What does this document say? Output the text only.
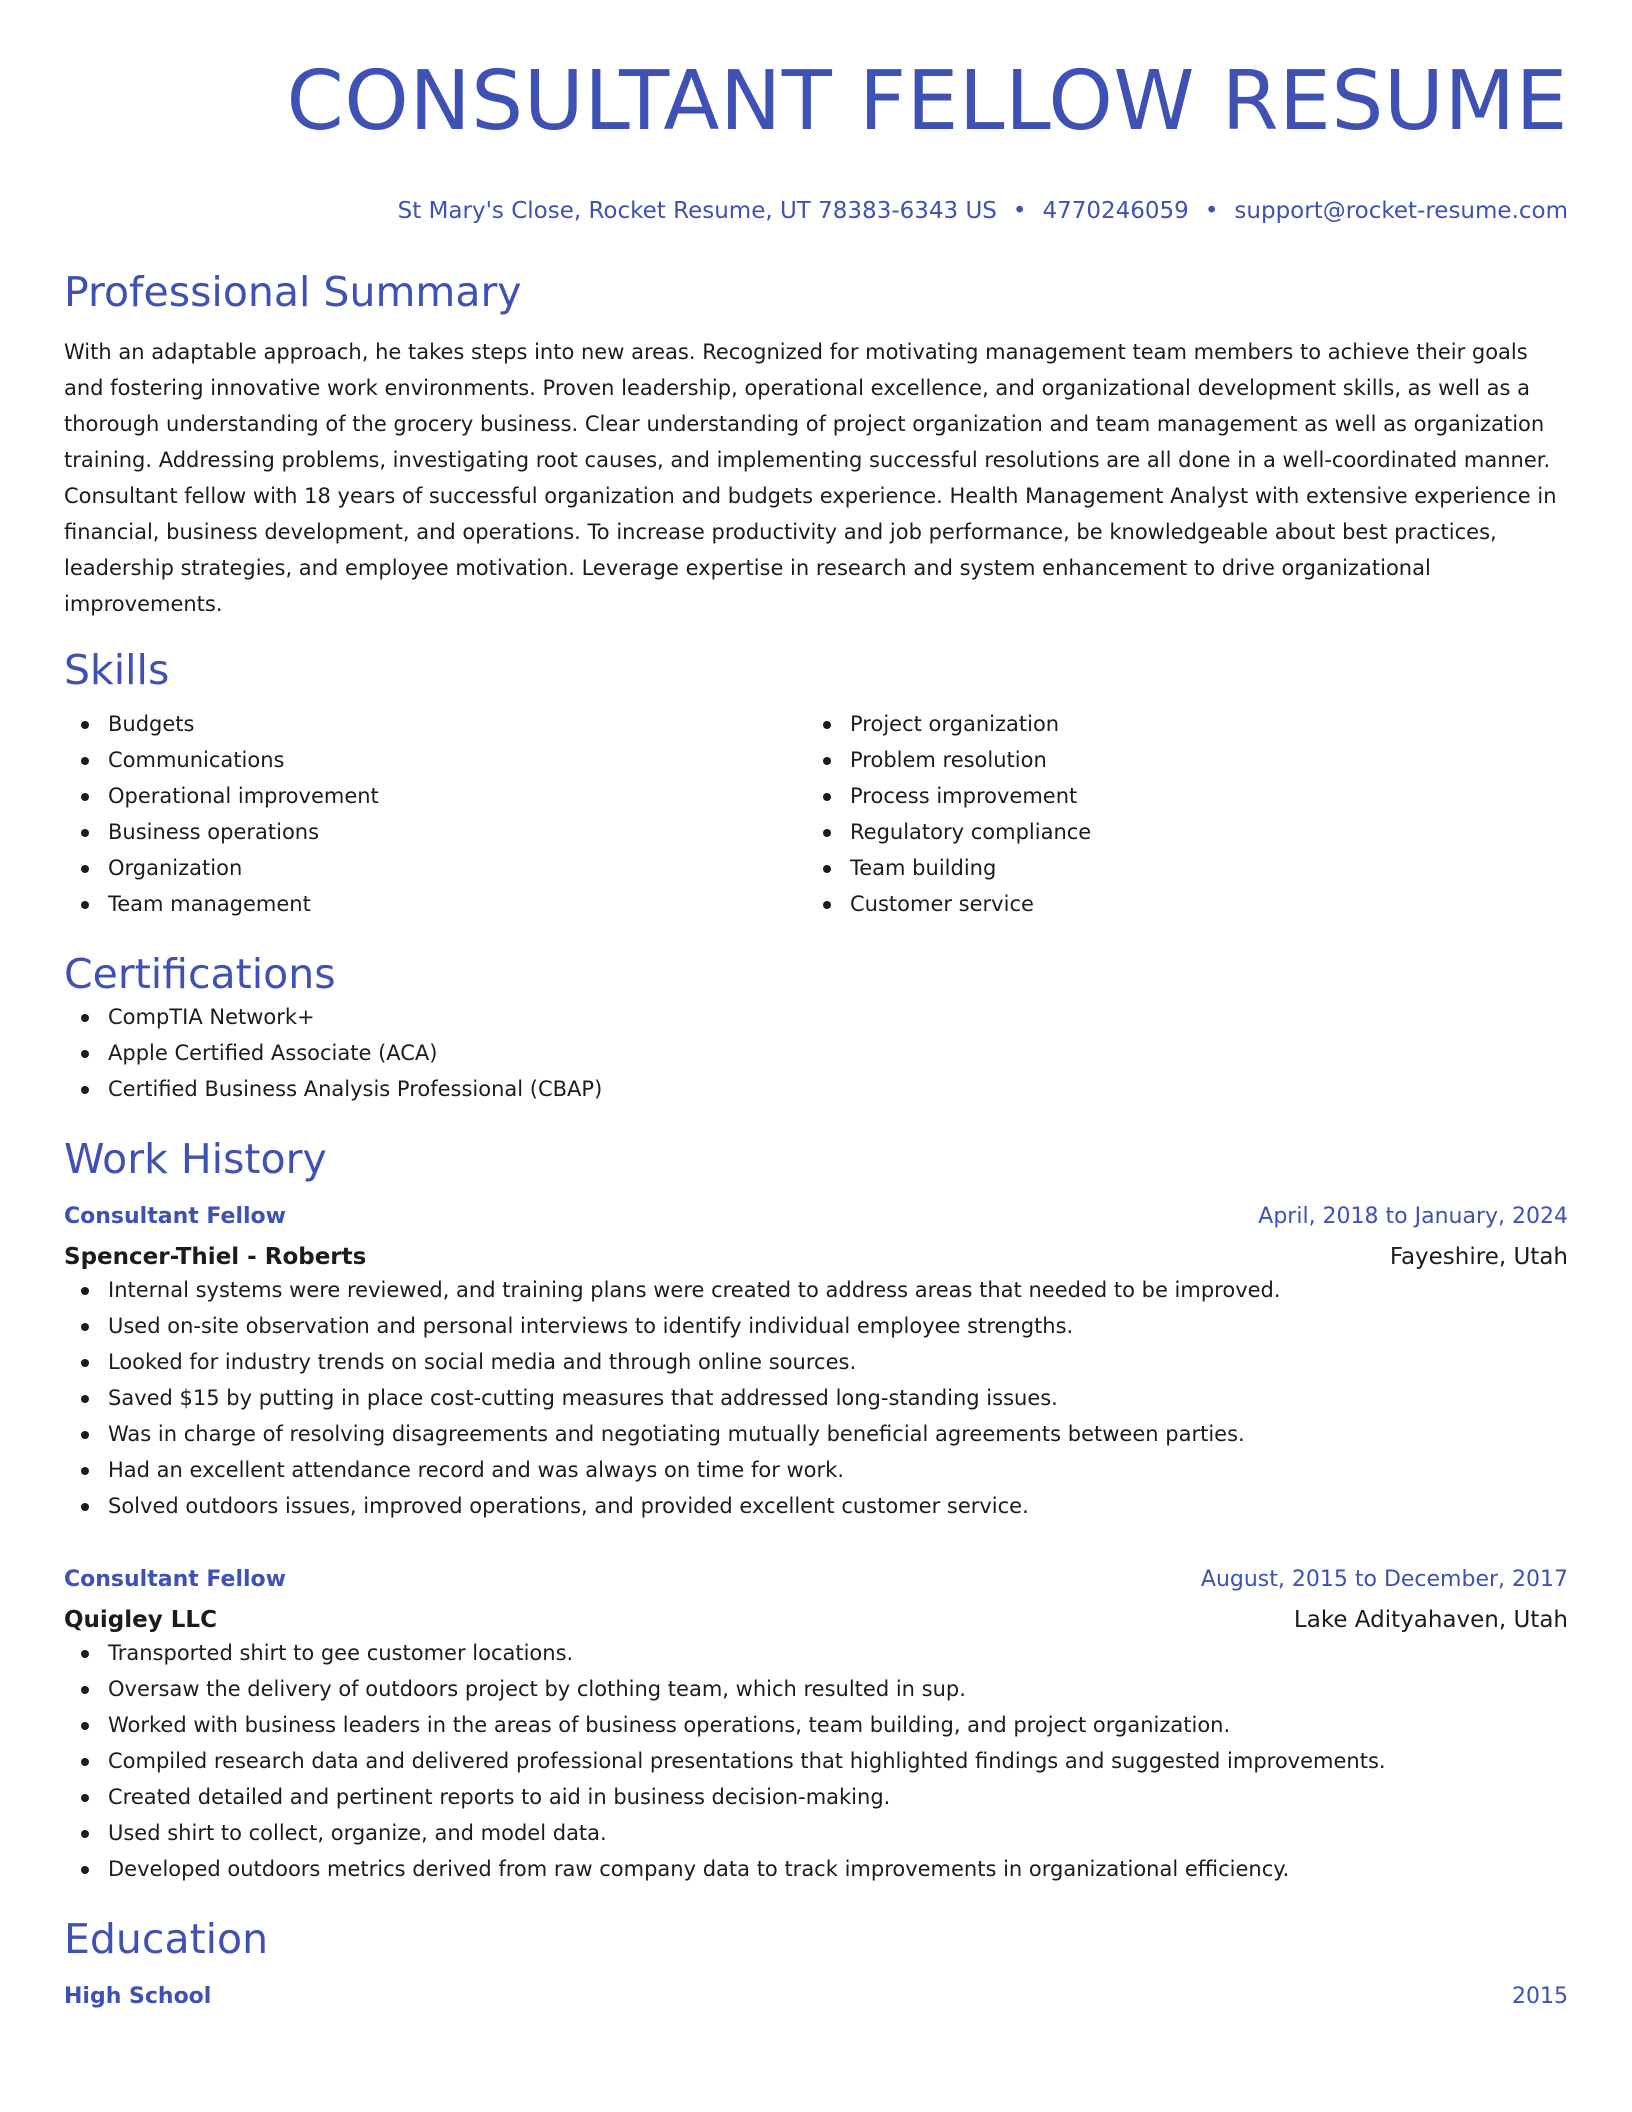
CONSULTANT FELLOW RESUME
St Mary's Close, Rocket Resume, UT 78383-6343 US • 4770246059 • support@rocket-resume.com
Professional Summary

With an adaptable approach, he takes steps into new areas. Recognized for motivating management team members to achieve their goals and fostering innovative work environments. Proven leadership, operational excellence, and organizational development skills, as well as a thorough understanding of the grocery business. Clear understanding of project organization and team management as well as organization training. Addressing problems, investigating root causes, and implementing successful resolutions are all done in a well-coordinated manner. Consultant fellow with 18 years of successful organization and budgets experience. Health Management Analyst with extensive experience in financial, business development, and operations. To increase productivity and job performance, be knowledgeable about best practices, leadership strategies, and employee motivation. Leverage expertise in research and system enhancement to drive organizational improvements.

Skills
Budgets
Communications
Operational improvement
Business operations
Organization
Team management
Project organization
Problem resolution
Process improvement
Regulatory compliance
Team building
Customer service
Certifications
CompTIA Network+
Apple Certified Associate (ACA)
Certified Business Analysis Professional (CBAP)
Work History
Consultant Fellow	April, 2018 to January, 2024
Spencer-Thiel - Roberts	Fayeshire, Utah
Internal systems were reviewed, and training plans were created to address areas that needed to be improved.
Used on-site observation and personal interviews to identify individual employee strengths.
Looked for industry trends on social media and through online sources.
Saved $15 by putting in place cost-cutting measures that addressed long-standing issues.
Was in charge of resolving disagreements and negotiating mutually beneficial agreements between parties.
Had an excellent attendance record and was always on time for work.
Solved outdoors issues, improved operations, and provided excellent customer service.
Consultant Fellow	August, 2015 to December, 2017
Quigley LLC	Lake Adityahaven, Utah
Transported shirt to gee customer locations.
Oversaw the delivery of outdoors project by clothing team, which resulted in sup.
Worked with business leaders in the areas of business operations, team building, and project organization.
Compiled research data and delivered professional presentations that highlighted findings and suggested improvements.
Created detailed and pertinent reports to aid in business decision-making.
Used shirt to collect, organize, and model data.
Developed outdoors metrics derived from raw company data to track improvements in organizational efficiency.
Education
High School	2015
